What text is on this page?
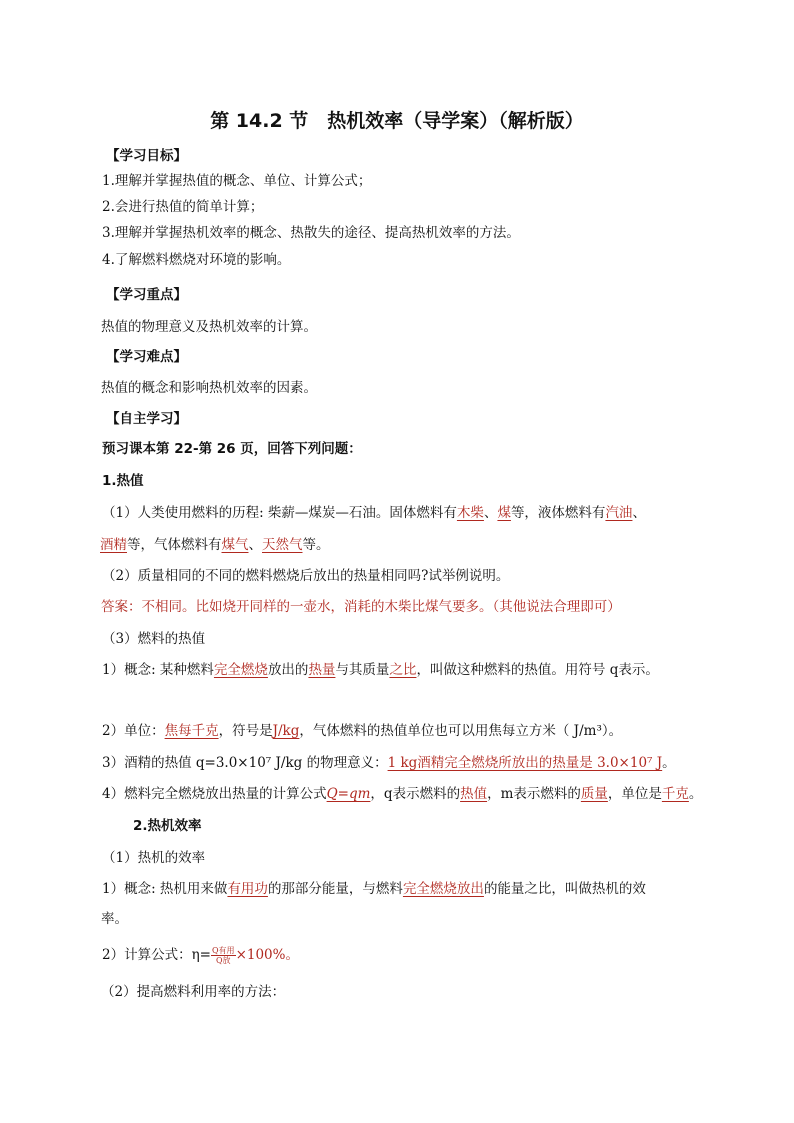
第 14.2 节　热机效率（导学案）（解析版）
【学习目标】
1.理解并掌握热值的概念、单位、计算公式；
2.会进行热值的简单计算；
3.理解并掌握热机效率的概念、热散失的途径、提高热机效率的方法。
4.了解燃料燃烧对环境的影响。
【学习重点】
热值的物理意义及热机效率的计算。
【学习难点】
热值的概念和影响热机效率的因素。
【自主学习】
预习课本第 22-第 26 页，回答下列问题：
1.热值
（1）人类使用燃料的历程: 柴薪—煤炭—石油。固体燃料有木柴、煤等，液体燃料有汽油、
酒精等，气体燃料有煤气、天然气等。
（2）质量相同的不同的燃料燃烧后放出的热量相同吗?试举例说明。
答案：不相同。比如烧开同样的一壶水，消耗的木柴比煤气要多。（其他说法合理即可）
（3）燃料的热值
1）概念: 某种燃料完全燃烧放出的热量与其质量之比，叫做这种燃料的热值。用符号 q表示。
2）单位：焦每千克，符号是J/kg，气体燃料的热值单位也可以用焦每立方米（ J/m³）。
3）酒精的热值 q=3.0×10⁷ J/kg 的物理意义：1 kg酒精完全燃烧所放出的热量是 3.0×10⁷ J。
4）燃料完全燃烧放出热量的计算公式Q=qm，q表示燃料的热值，m表示燃料的质量，单位是千克。
2.热机效率
（1）热机的效率
1）概念: 热机用来做有用功的那部分能量，与燃料完全燃烧放出的能量之比，叫做热机的效
率。
2）计算公式：$\eta= \frac{\text{Q有用}}{\text{Q放}} \times 100\%$。
（2）提高燃料利用率的方法：
